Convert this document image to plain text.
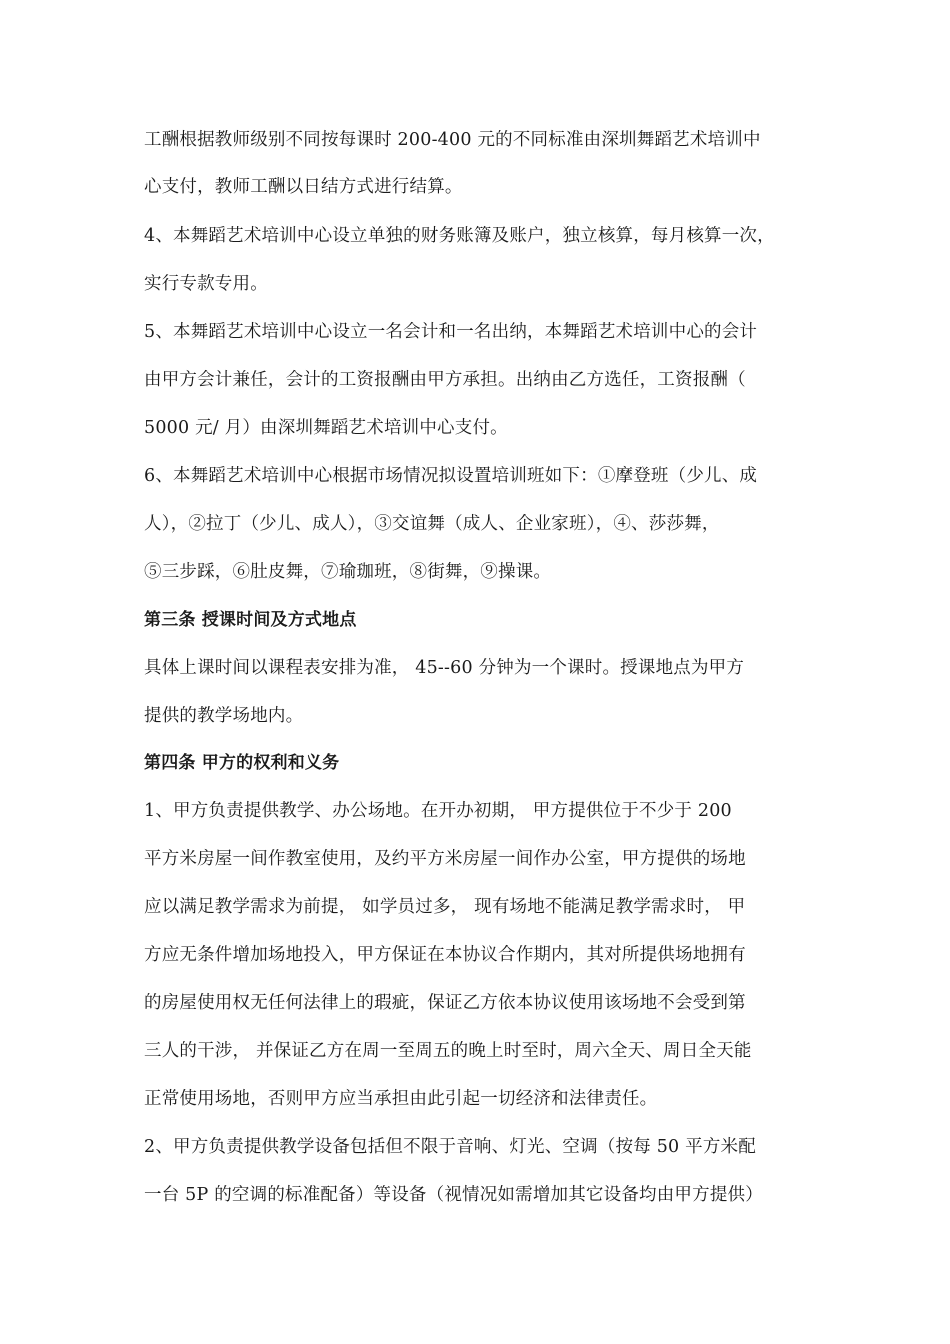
工酬根据教师级别不同按每课时 200-400 元的不同标准由深圳舞蹈艺术培训中
心支付，教师工酬以日结方式进行结算。
4、本舞蹈艺术培训中心设立单独的财务账簿及账户，独立核算，每月核算一次，
实行专款专用。
5、本舞蹈艺术培训中心设立一名会计和一名出纳，本舞蹈艺术培训中心的会计
由甲方会计兼任，会计的工资报酬由甲方承担。出纳由乙方选任，工资报酬（
5000 元/ 月）由深圳舞蹈艺术培训中心支付。
6、本舞蹈艺术培训中心根据市场情况拟设置培训班如下：①摩登班（少儿、成
人），②拉丁（少儿、成人），③交谊舞（成人、企业家班），④、莎莎舞，
⑤三步踩，⑥肚皮舞，⑦瑜珈班，⑧街舞，⑨操课。
第三条 授课时间及方式地点
具体上课时间以课程表安排为准， 45--60 分钟为一个课时。授课地点为甲方
提供的教学场地内。
第四条 甲方的权利和义务
1、甲方负责提供教学、办公场地。在开办初期， 甲方提供位于不少于 200
平方米房屋一间作教室使用，及约平方米房屋一间作办公室，甲方提供的场地
应以满足教学需求为前提， 如学员过多， 现有场地不能满足教学需求时， 甲
方应无条件增加场地投入，甲方保证在本协议合作期内，其对所提供场地拥有
的房屋使用权无任何法律上的瑕疵，保证乙方依本协议使用该场地不会受到第
三人的干涉， 并保证乙方在周一至周五的晚上时至时，周六全天、周日全天能
正常使用场地，否则甲方应当承担由此引起一切经济和法律责任。
2、甲方负责提供教学设备包括但不限于音响、灯光、空调（按每 50 平方米配
一台 5P 的空调的标准配备）等设备（视情况如需增加其它设备均由甲方提供）
